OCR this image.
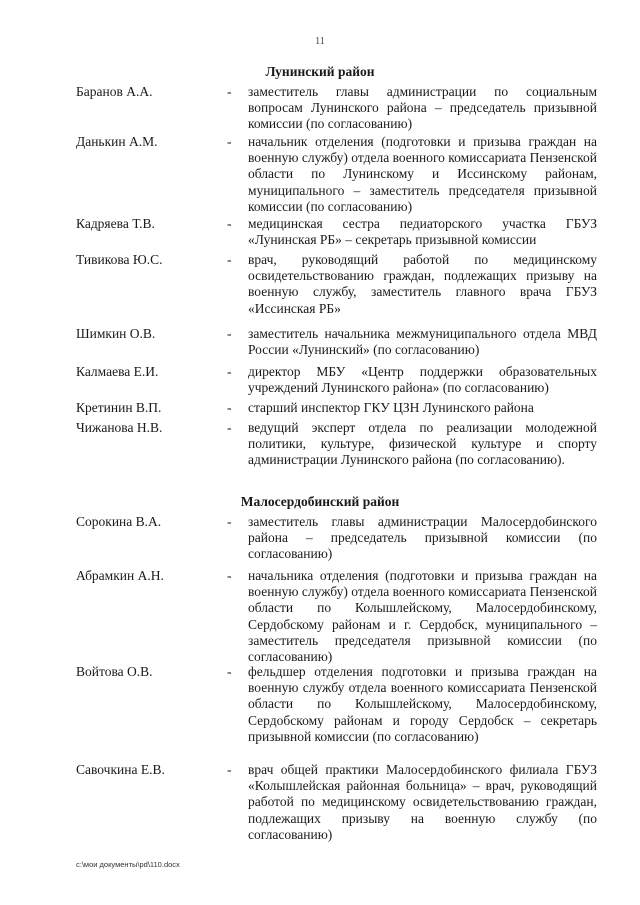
11
Лунинский район
Баранов А.А.	- заместитель главы администрации по социальным вопросам Лунинского района – председатель призывной комиссии (по согласованию)
Данькин А.М.	- начальник отделения (подготовки и призыва граждан на военную службу) отдела военного комиссариата Пензенской области по Лунинскому и Иссинскому районам, муниципального – заместитель председателя призывной комиссии (по согласованию)
Кадряева Т.В.	- медицинская сестра педиаторского участка ГБУЗ «Лунинская РБ» – секретарь призывной комиссии
Тивикова Ю.С.	- врач, руководящий работой по медицинскому освидетельствованию граждан, подлежащих призыву на военную службу, заместитель главного врача ГБУЗ «Иссинская РБ»
Шимкин О.В.	- заместитель начальника межмуниципального отдела МВД России «Лунинский» (по согласованию)
Калмаева Е.И.	- директор МБУ «Центр поддержки образовательных учреждений Лунинского района» (по согласованию)
Кретинин В.П.	- старший инспектор ГКУ ЦЗН Лунинского района
Чижанова Н.В.	- ведущий эксперт отдела по реализации молодежной политики, культуре, физической культуре и спорту администрации Лунинского района (по согласованию).
Малосердобинский район
Сорокина В.А.	- заместитель главы администрации Малосердобинского района – председатель призывной комиссии (по согласованию)
Абрамкин А.Н.	- начальника отделения (подготовки и призыва граждан на военную службу) отдела военного комиссариата Пензенской области по Колышлейскому, Малосердобинскому, Сердобскому районам и г. Сердобск, муниципального – заместитель председателя призывной комиссии (по согласованию)
Войтова О.В.	- фельдшер отделения подготовки и призыва граждан на военную службу отдела военного комиссариата Пензенской области по Колышлейскому, Малосердобинскому, Сердобскому районам и городу Сердобск – секретарь призывной комиссии (по согласованию)
Савочкина Е.В.	- врач общей практики Малосердобинского филиала ГБУЗ «Колышлейская районная больница» – врач, руководящий работой по медицинскому освидетельствованию граждан, подлежащих призыву на военную службу (по согласованию)
c:\мои документы\pd\110.docx
